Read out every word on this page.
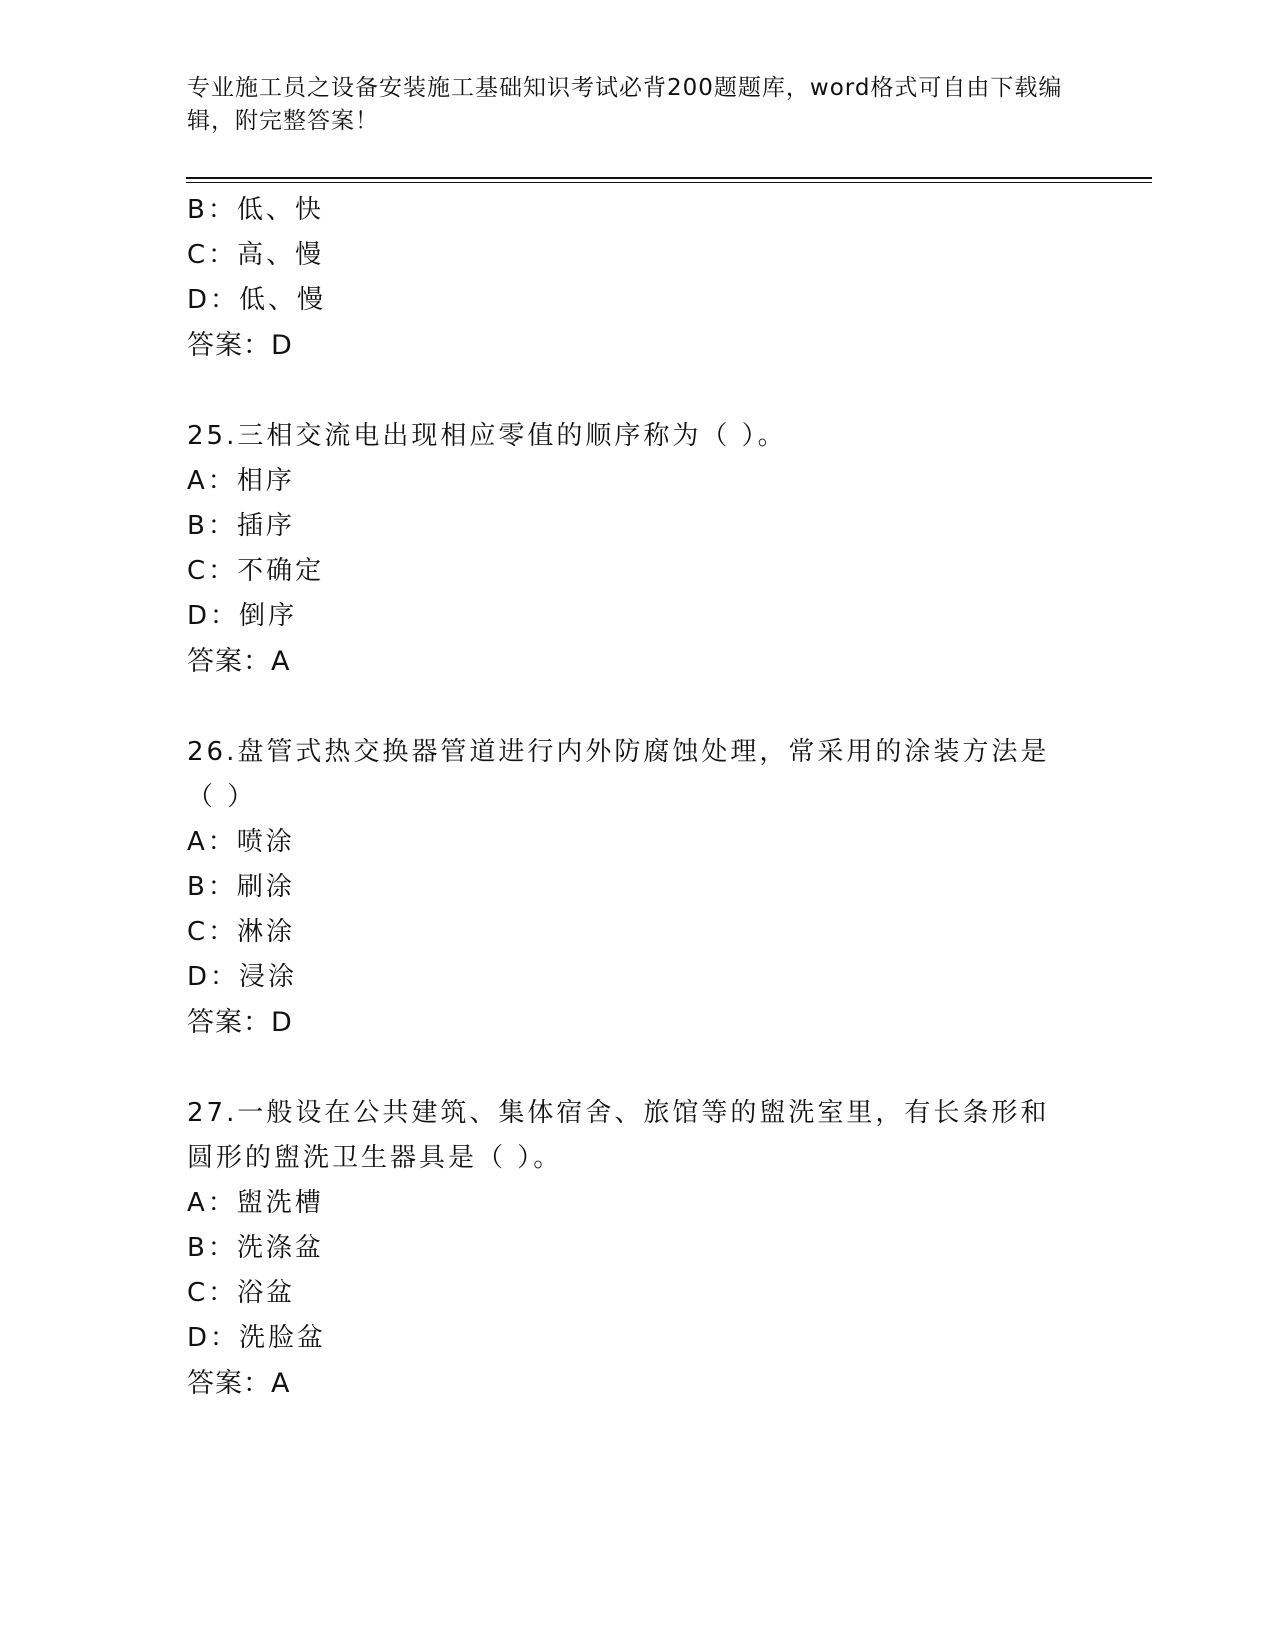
专业施工员之设备安装施工基础知识考试必背200题题库，word格式可自由下载编辑，附完整答案！
B：低、快
C：高、慢
D：低、慢
答案：D
25.三相交流电出现相应零值的顺序称为（ ）。
A：相序
B：插序
C：不确定
D：倒序
答案：A
26.盘管式热交换器管道进行内外防腐蚀处理，常采用的涂装方法是（ ）
A：喷涂
B：刷涂
C：淋涂
D：浸涂
答案：D
27.一般设在公共建筑、集体宿舍、旅馆等的盥洗室里，有长条形和圆形的盥洗卫生器具是（ ）。
A：盥洗槽
B：洗涤盆
C：浴盆
D：洗脸盆
答案：A
